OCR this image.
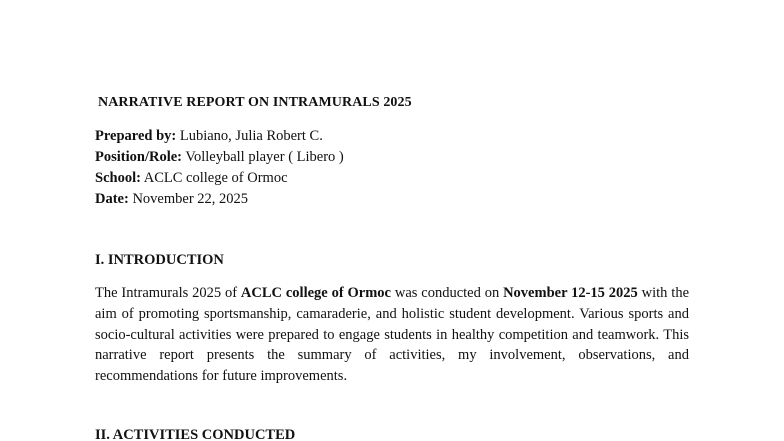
NARRATIVE REPORT ON INTRAMURALS 2025
Prepared by: Lubiano, Julia Robert C.
Position/Role: Volleyball player ( Libero )
School: ACLC college of Ormoc
Date: November 22, 2025
I. INTRODUCTION
The Intramurals 2025 of ACLC college of Ormoc was conducted on November 12-15 2025 with the aim of promoting sportsmanship, camaraderie, and holistic student development. Various sports and socio-cultural activities were prepared to engage students in healthy competition and teamwork. This narrative report presents the summary of activities, my involvement, observations, and recommendations for future improvements.
II. ACTIVITIES CONDUCTED
